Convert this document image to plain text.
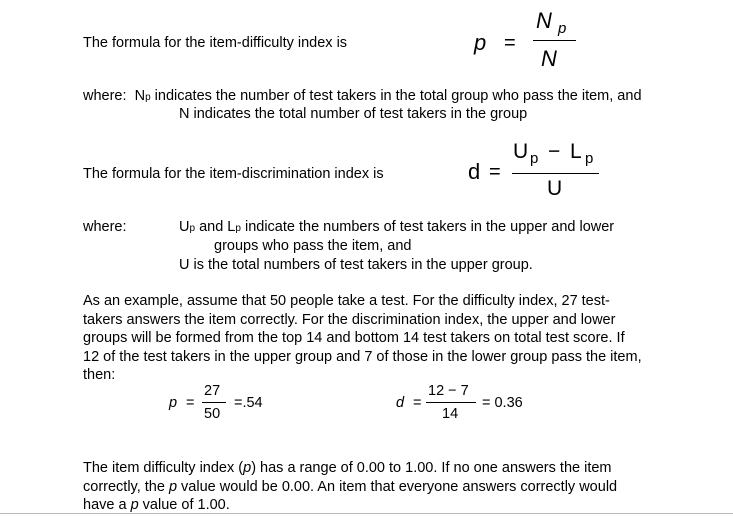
The formula for the item-difficulty index is	p =
N p
N
where: Np indicates the number of test takers in the total group who pass the item, and
N indicates the total number of test takers in the group
The formula for the item-discrimination index is	d =
U p − L p
U
where:	Up and Lp indicate the numbers of test takers in the upper and lower
groups who pass the item, and
U is the total numbers of test takers in the upper group.
As an example, assume that 50 people take a test. For the difficulty index, 27 test-
takers answers the item correctly. For the discrimination index, the upper and lower
groups will be formed from the top 14 and bottom 14 test takers on total test score. If
12 of the test takers in the upper group and 7 of those in the lower group pass the item,
then:
p =
27
50
=.54	d =
12 − 7
14
= 0.36
The item difficulty index (p) has a range of 0.00 to 1.00. If no one answers the item
correctly, the p value would be 0.00. An item that everyone answers correctly would
have a p value of 1.00.
